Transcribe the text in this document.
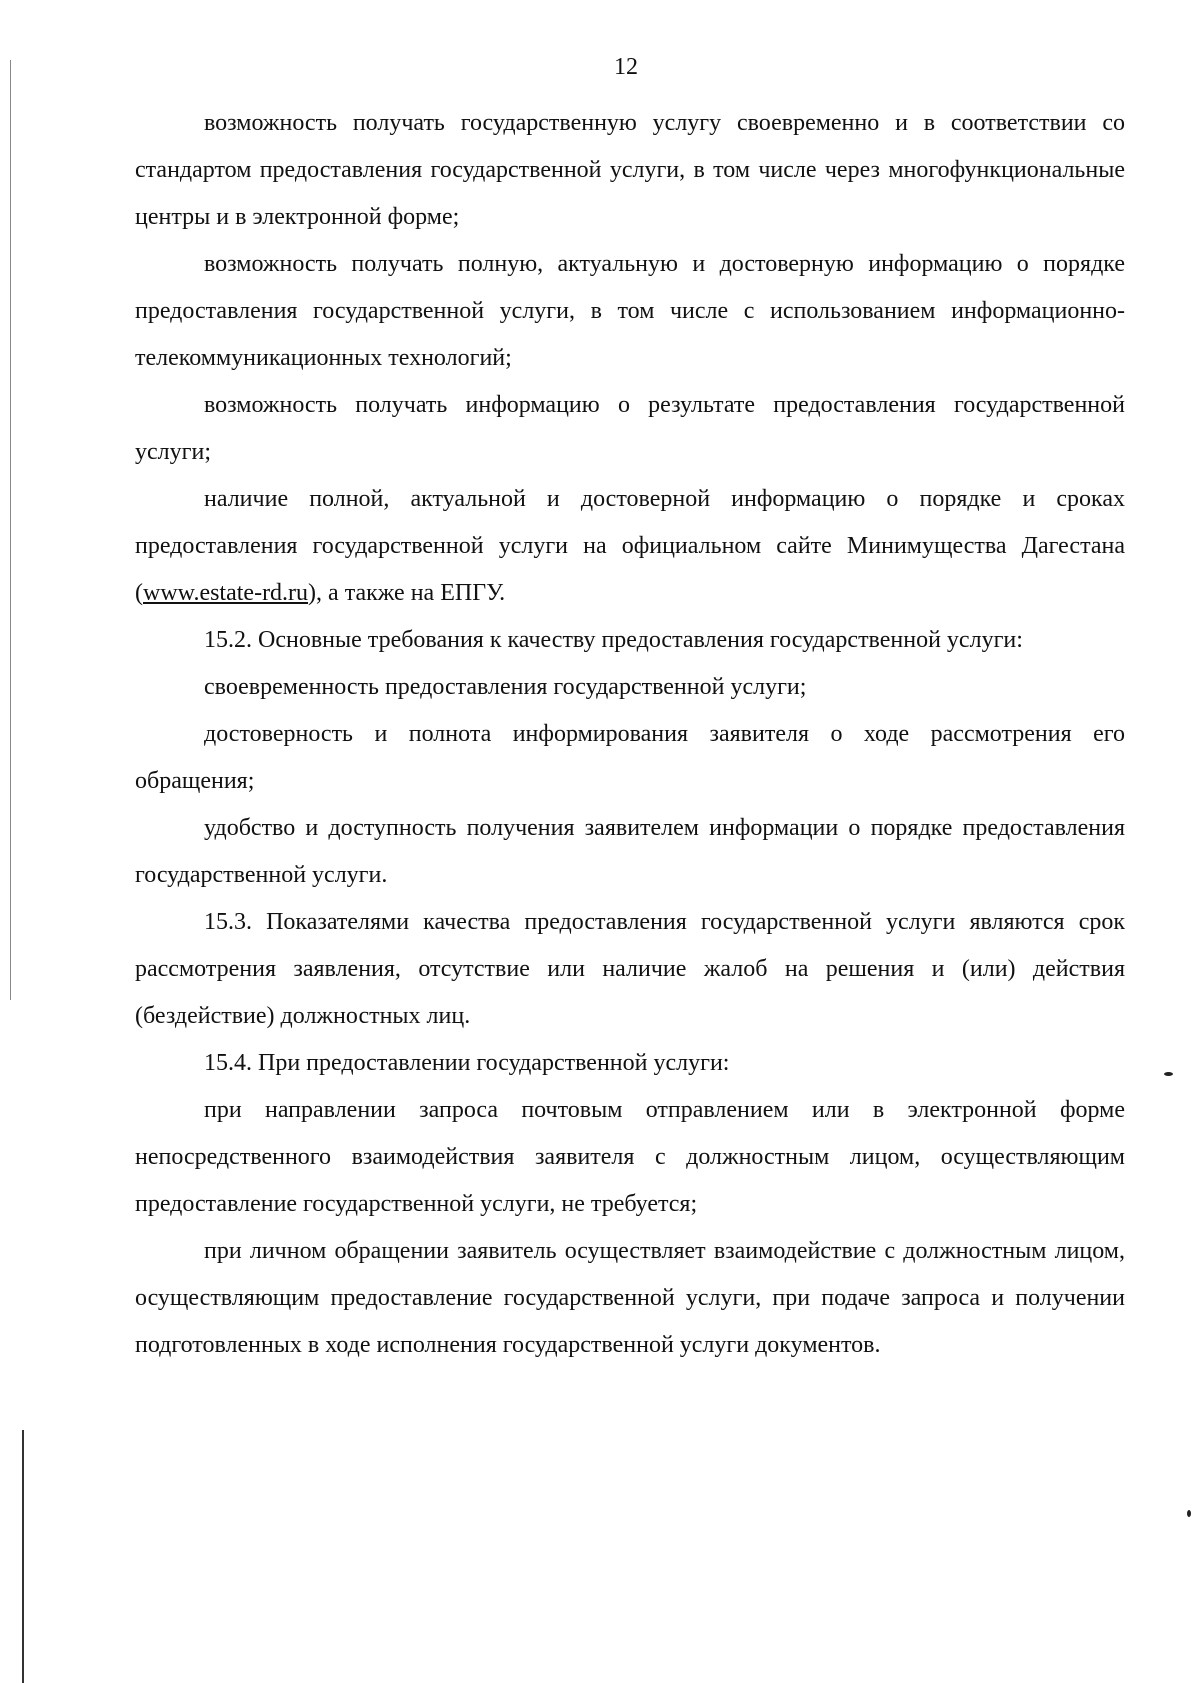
12

возможность получать государственную услугу своевременно и в соответствии со стандартом предоставления государственной услуги, в том числе через многофункциональные центры и в электронной форме;

возможность получать полную, актуальную и достоверную информацию о порядке предоставления государственной услуги, в том числе с использованием информационно-телекоммуникационных технологий;

возможность получать информацию о результате предоставления государственной услуги;

наличие полной, актуальной и достоверной информацию о порядке и сроках предоставления государственной услуги на официальном сайте Минимущества Дагестана (www.estate-rd.ru), а также на ЕПГУ.

15.2. Основные требования к качеству предоставления государственной услуги:

своевременность предоставления государственной услуги;

достоверность и полнота информирования заявителя о ходе рассмотрения его обращения;

удобство и доступность получения заявителем информации о порядке предоставления государственной услуги.

15.3. Показателями качества предоставления государственной услуги являются срок рассмотрения заявления, отсутствие или наличие жалоб на решения и (или) действия (бездействие) должностных лиц.

15.4. При предоставлении государственной услуги:

при направлении запроса почтовым отправлением или в электронной форме непосредственного взаимодействия заявителя с должностным лицом, осуществляющим предоставление государственной услуги, не требуется;

при личном обращении заявитель осуществляет взаимодействие с должностным лицом, осуществляющим предоставление государственной услуги, при подаче запроса и получении подготовленных в ходе исполнения государственной услуги документов.
